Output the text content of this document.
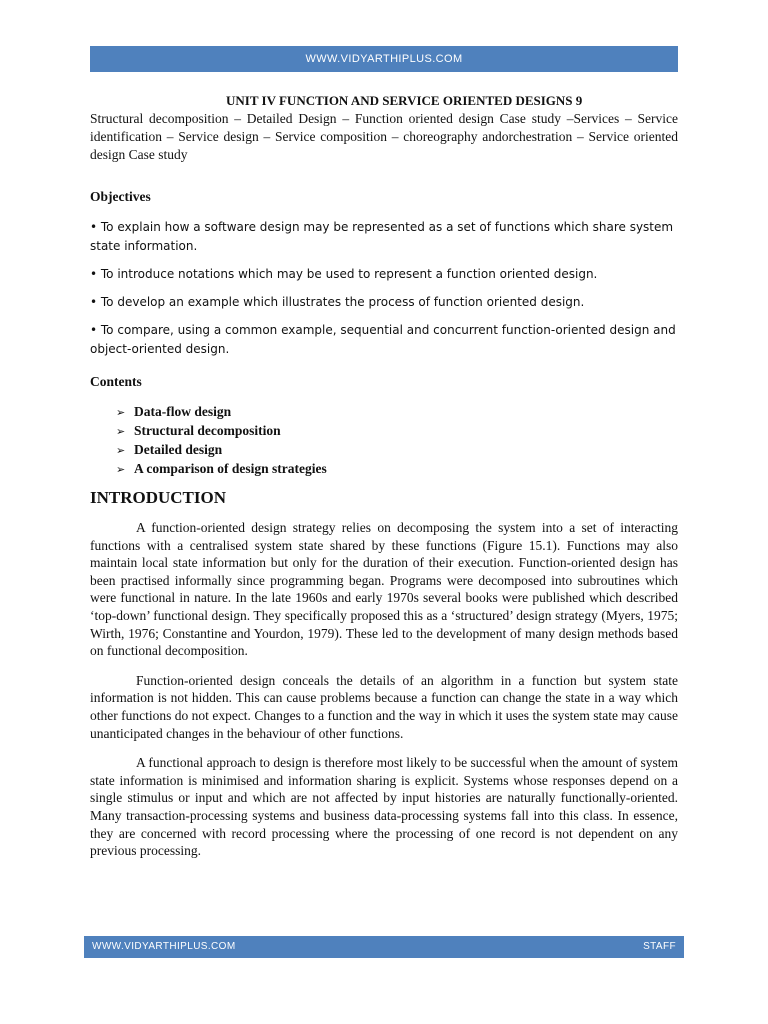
WWW.VIDYARTHIPLUS.COM
UNIT IV FUNCTION AND SERVICE ORIENTED DESIGNS 9

Structural decomposition – Detailed Design – Function oriented design Case study –Services – Service identification – Service design – Service composition – choreography andorchestration – Service oriented design Case study

Objectives

• To explain how a software design may be represented as a set of functions which share system state information.

• To introduce notations which may be used to represent a function oriented design.

• To develop an example which illustrates the process of function oriented design.

• To compare, using a common example, sequential and concurrent function-oriented design and object-oriented design.

Contents
➢ Data-flow design
➢ Structural decomposition
➢ Detailed design
➢ A comparison of design strategies
INTRODUCTION

A function-oriented design strategy relies on decomposing the system into a set of interacting functions with a centralised system state shared by these functions (Figure 15.1). Functions may also maintain local state information but only for the duration of their execution. Function-oriented design has been practised informally since programming began. Programs were decomposed into subroutines which were functional in nature. In the late 1960s and early 1970s several books were published which described ‘top-down’ functional design. They specifically proposed this as a ‘structured’ design strategy (Myers, 1975; Wirth, 1976; Constantine and Yourdon, 1979). These led to the development of many design methods based on functional decomposition.

Function-oriented design conceals the details of an algorithm in a function but system state information is not hidden. This can cause problems because a function can change the state in a way which other functions do not expect. Changes to a function and the way in which it uses the system state may cause unanticipated changes in the behaviour of other functions.

A functional approach to design is therefore most likely to be successful when the amount of system state information is minimised and information sharing is explicit. Systems whose responses depend on a single stimulus or input and which are not affected by input histories are naturally functionally-oriented. Many transaction-processing systems and business data-processing systems fall into this class. In essence, they are concerned with record processing where the processing of one record is not dependent on any previous processing.

WWW.VIDYARTHIPLUS.COM	STAFF
